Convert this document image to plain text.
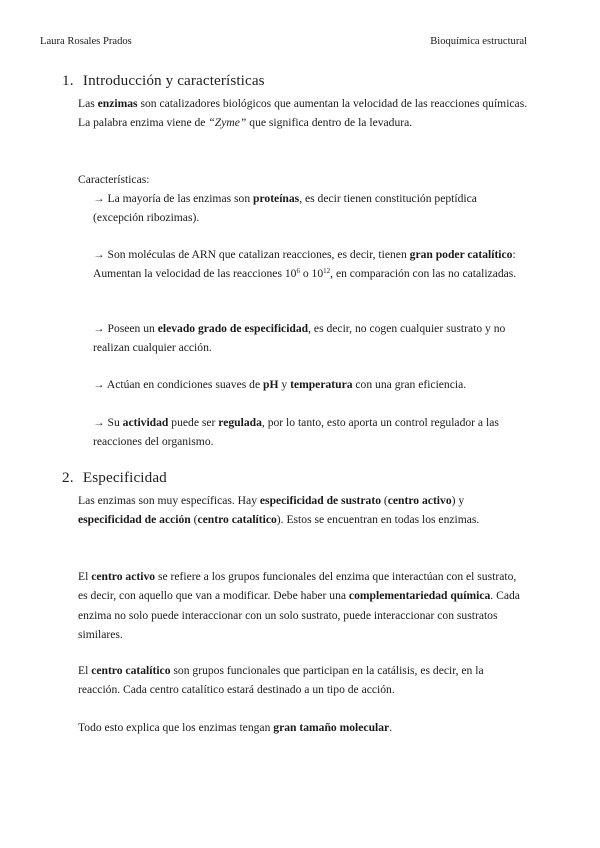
Laura Rosales Prados	Bioquímica estructural
1. Introducción y características

Las enzimas son catalizadores biológicos que aumentan la velocidad de las reacciones químicas. La palabra enzima viene de “Zyme” que significa dentro de la levadura.

Características:

→ La mayoría de las enzimas son proteínas, es decir tienen constitución peptídica (excepción ribozimas).

→ Son moléculas de ARN que catalizan reacciones, es decir, tienen gran poder catalítico: Aumentan la velocidad de las reacciones $10^6$ o $10^{12}$, en comparación con las no catalizadas.

→ Poseen un elevado grado de especificidad, es decir, no cogen cualquier sustrato y no realizan cualquier acción.

→ Actúan en condiciones suaves de pH y temperatura con una gran eficiencia.

→ Su actividad puede ser regulada, por lo tanto, esto aporta un control regulador a las reacciones del organismo.

2. Especificidad

Las enzimas son muy específicas. Hay especificidad de sustrato (centro activo) y especificidad de acción (centro catalítico). Estos se encuentran en todas los enzimas.

El centro activo se refiere a los grupos funcionales del enzima que interactúan con el sustrato, es decir, con aquello que van a modificar. Debe haber una complementariedad química. Cada enzima no solo puede interaccionar con un solo sustrato, puede interaccionar con sustratos similares.

El centro catalítico son grupos funcionales que participan en la catálisis, es decir, en la reacción. Cada centro catalítico estará destinado a un tipo de acción.

Todo esto explica que los enzimas tengan gran tamaño molecular.
